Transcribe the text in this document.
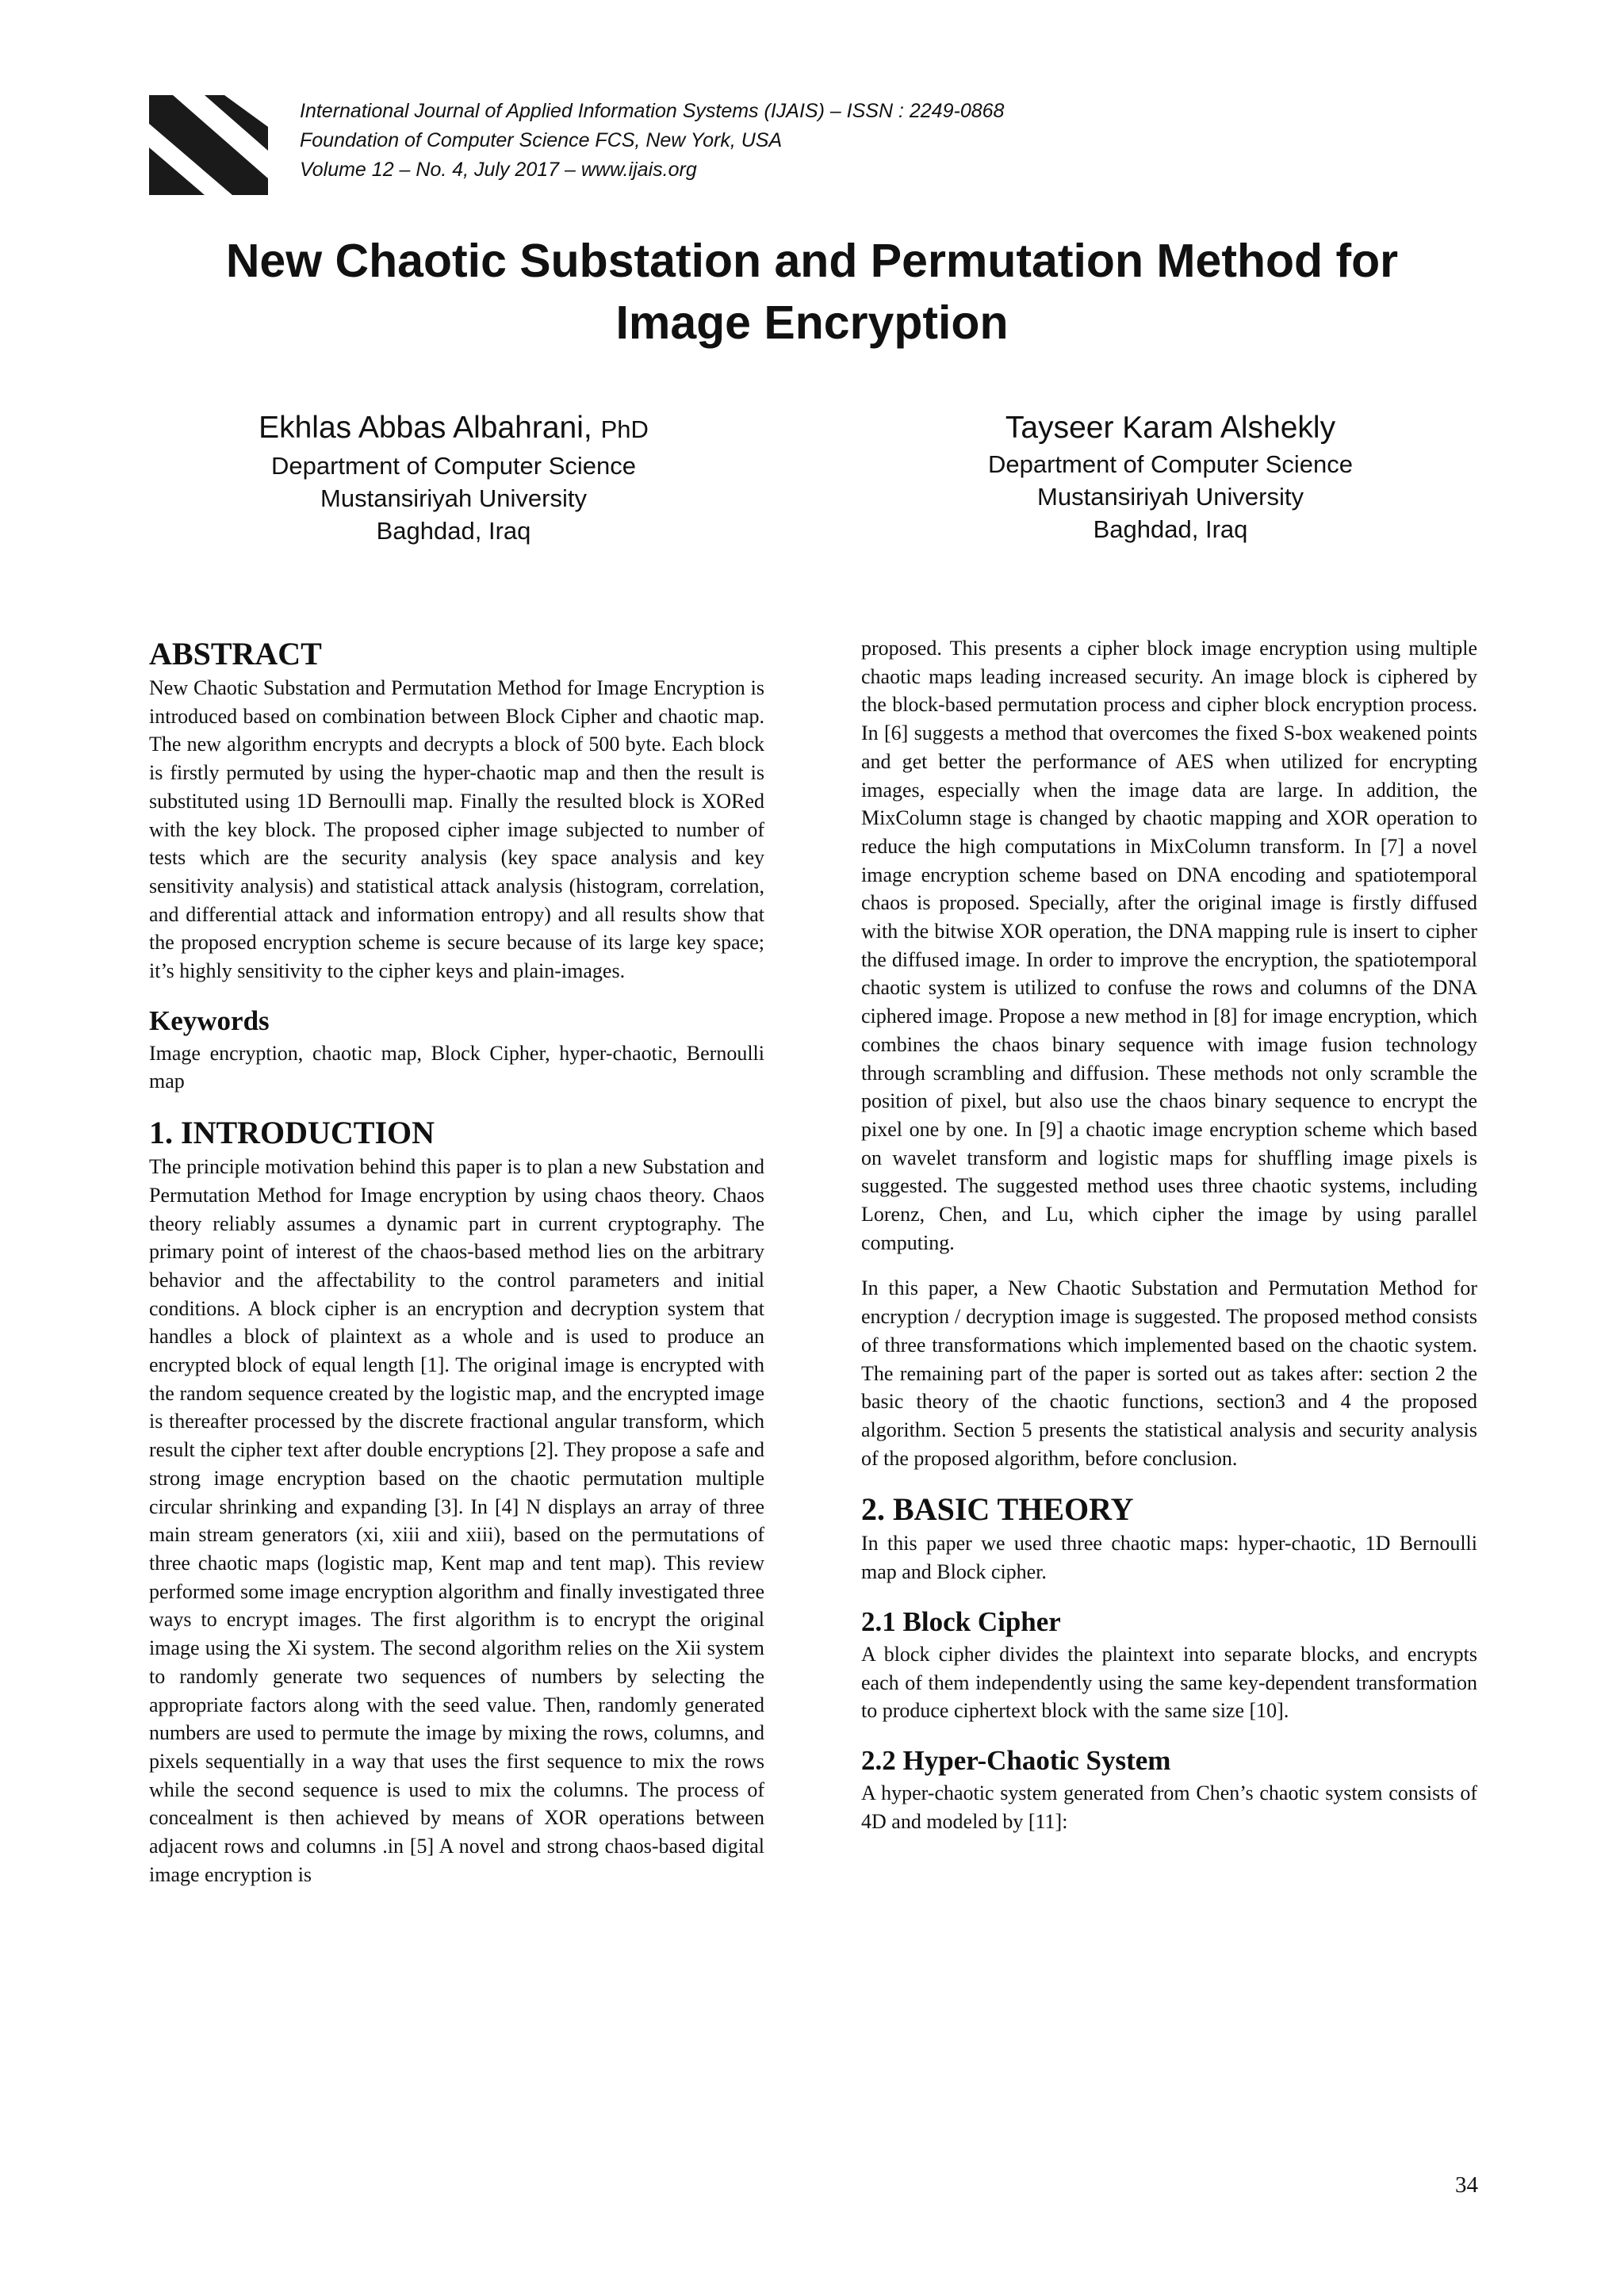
International Journal of Applied Information Systems (IJAIS) – ISSN : 2249-0868
Foundation of Computer Science FCS, New York, USA
Volume 12 – No. 4, July 2017 – www.ijais.org
New Chaotic Substation and Permutation Method for
Image Encryption
Ekhlas Abbas Albahrani, PhD
Department of Computer Science
Mustansiriyah University
Baghdad, Iraq
Tayseer Karam Alshekly
Department of Computer Science
Mustansiriyah University
Baghdad, Iraq
ABSTRACT

New Chaotic Substation and Permutation Method for Image Encryption is introduced based on combination between Block Cipher and chaotic map. The new algorithm encrypts and decrypts a block of 500 byte. Each block is firstly permuted by using the hyper-chaotic map and then the result is substituted using 1D Bernoulli map. Finally the resulted block is XORed with the key block. The proposed cipher image subjected to number of tests which are the security analysis (key space analysis and key sensitivity analysis) and statistical attack analysis (histogram, correlation, and differential attack and information entropy) and all results show that the proposed encryption scheme is secure because of its large key space; it’s highly sensitivity to the cipher keys and plain-images.

Keywords

Image encryption, chaotic map, Block Cipher, hyper-chaotic, Bernoulli map

1. INTRODUCTION

The principle motivation behind this paper is to plan a new Substation and Permutation Method for Image encryption by using chaos theory. Chaos theory reliably assumes a dynamic part in current cryptography. The primary point of interest of the chaos-based method lies on the arbitrary behavior and the affectability to the control parameters and initial conditions. A block cipher is an encryption and decryption system that handles a block of plaintext as a whole and is used to produce an encrypted block of equal length [1]. The original image is encrypted with the random sequence created by the logistic map, and the encrypted image is thereafter processed by the discrete fractional angular transform, which result the cipher text after double encryptions [2]. They propose a safe and strong image encryption based on the chaotic permutation multiple circular shrinking and expanding [3]. In [4] N displays an array of three main stream generators (xi, xiii and xiii), based on the permutations of three chaotic maps (logistic map, Kent map and tent map). This review performed some image encryption algorithm and finally investigated three ways to encrypt images. The first algorithm is to encrypt the original image using the Xi system. The second algorithm relies on the Xii system to randomly generate two sequences of numbers by selecting the appropriate factors along with the seed value. Then, randomly generated numbers are used to permute the image by mixing the rows, columns, and pixels sequentially in a way that uses the first sequence to mix the rows while the second sequence is used to mix the columns. The process of concealment is then achieved by means of XOR operations between adjacent rows and columns .in [5] A novel and strong chaos-based digital image encryption is

proposed. This presents a cipher block image encryption using multiple chaotic maps leading increased security. An image block is ciphered by the block-based permutation process and cipher block encryption process. In [6] suggests a method that overcomes the fixed S-box weakened points and get better the performance of AES when utilized for encrypting images, especially when the image data are large. In addition, the MixColumn stage is changed by chaotic mapping and XOR operation to reduce the high computations in MixColumn transform. In [7] a novel image encryption scheme based on DNA encoding and spatiotemporal chaos is proposed. Specially, after the original image is firstly diffused with the bitwise XOR operation, the DNA mapping rule is insert to cipher the diffused image. In order to improve the encryption, the spatiotemporal chaotic system is utilized to confuse the rows and columns of the DNA ciphered image. Propose a new method in [8] for image encryption, which combines the chaos binary sequence with image fusion technology through scrambling and diffusion. These methods not only scramble the position of pixel, but also use the chaos binary sequence to encrypt the pixel one by one. In [9] a chaotic image encryption scheme which based on wavelet transform and logistic maps for shuffling image pixels is suggested. The suggested method uses three chaotic systems, including Lorenz, Chen, and Lu, which cipher the image by using parallel computing.

In this paper, a New Chaotic Substation and Permutation Method for encryption / decryption image is suggested. The proposed method consists of three transformations which implemented based on the chaotic system. The remaining part of the paper is sorted out as takes after: section 2 the basic theory of the chaotic functions, section3 and 4 the proposed algorithm. Section 5 presents the statistical analysis and security analysis of the proposed algorithm, before conclusion.

2. BASIC THEORY

In this paper we used three chaotic maps: hyper-chaotic, 1D Bernoulli map and Block cipher.

2.1 Block Cipher

A block cipher divides the plaintext into separate blocks, and encrypts each of them independently using the same key-dependent transformation to produce ciphertext block with the same size [10].

2.2 Hyper-Chaotic System

A hyper-chaotic system generated from Chen’s chaotic system consists of 4D and modeled by [11]:

34
